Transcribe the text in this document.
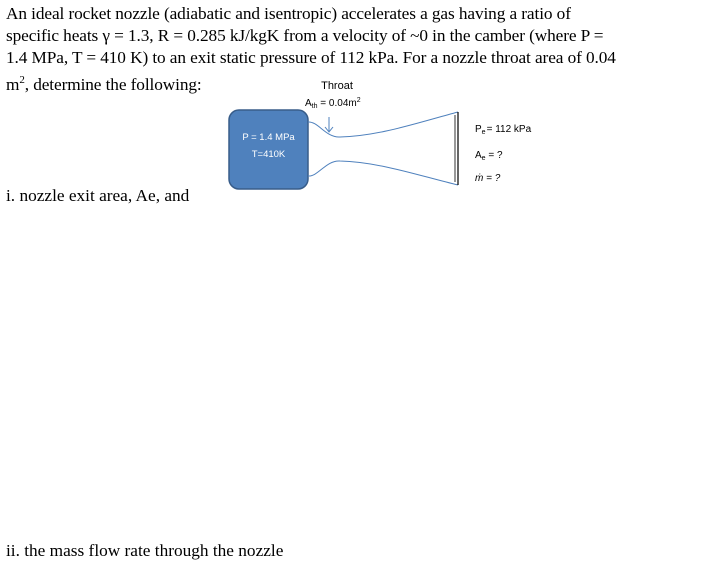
An ideal rocket nozzle (adiabatic and isentropic) accelerates a gas having a ratio of
specific heats γ = 1.3, R = 0.285 kJ/kgK from a velocity of ~0 in the camber (where P =
1.4 MPa, T = 410 K) to an exit static pressure of 112 kPa. For a nozzle throat area of 0.04
$m^2$, determine the following:
P = 1.4 MPa
T=410K
Throat
$A_{th} = 0.04m^2$
$P_e= 112$ kPa
$A_e$ = ?
ṁ = ?
i. nozzle exit area, Ae, and
ii. the mass flow rate through the nozzle
